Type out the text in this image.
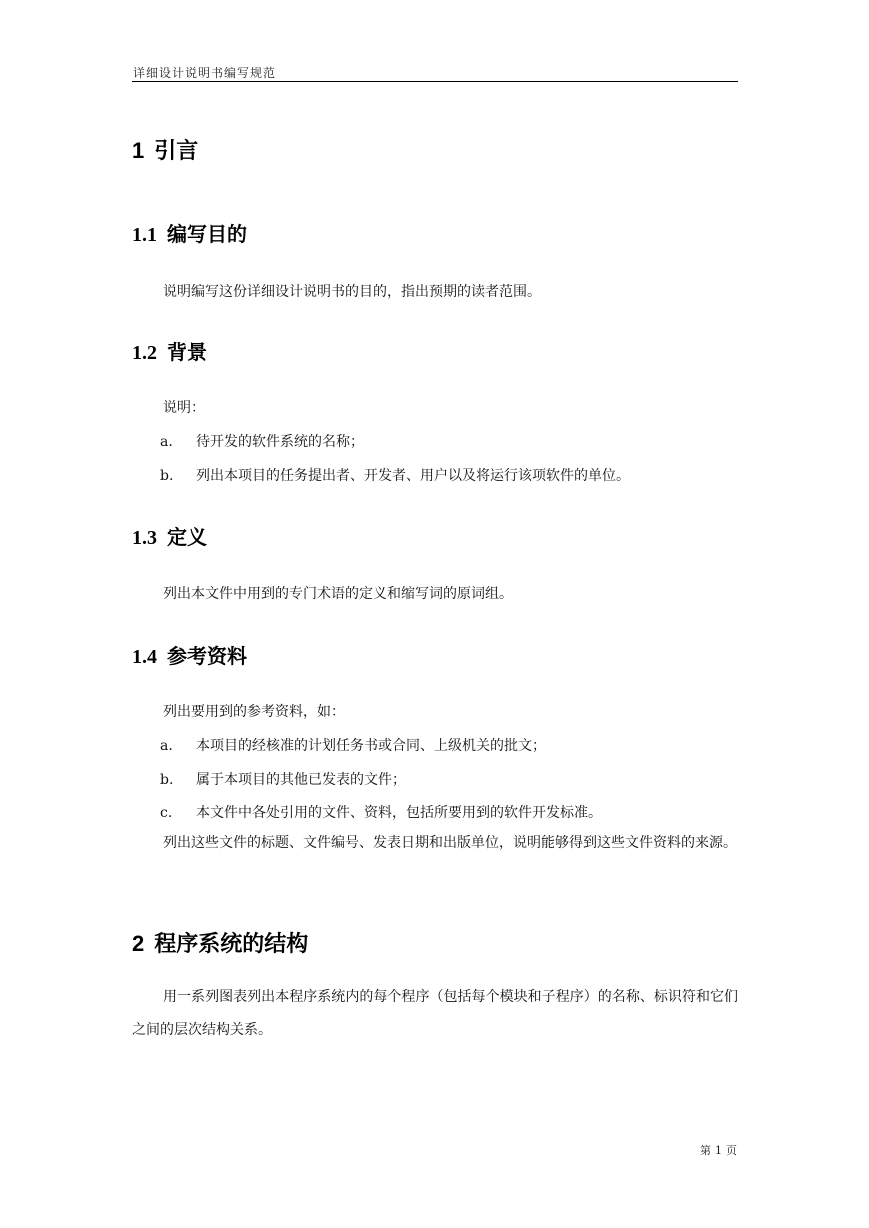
详细设计说明书编写规范
1 引言
1.1 编写目的
说明编写这份详细设计说明书的目的，指出预期的读者范围。
1.2 背景
说明：
a. 待开发的软件系统的名称；
b. 列出本项目的任务提出者、开发者、用户以及将运行该项软件的单位。
1.3 定义
列出本文件中用到的专门术语的定义和缩写词的原词组。
1.4 参考资料
列出要用到的参考资料，如：
a. 本项目的经核准的计划任务书或合同、上级机关的批文；
b. 属于本项目的其他已发表的文件；
c. 本文件中各处引用的文件、资料，包括所要用到的软件开发标准。
列出这些文件的标题、文件编号、发表日期和出版单位，说明能够得到这些文件资料的来源。
2 程序系统的结构
用一系列图表列出本程序系统内的每个程序（包括每个模块和子程序）的名称、标识符和它们之间的层次结构关系。
第 1 页
